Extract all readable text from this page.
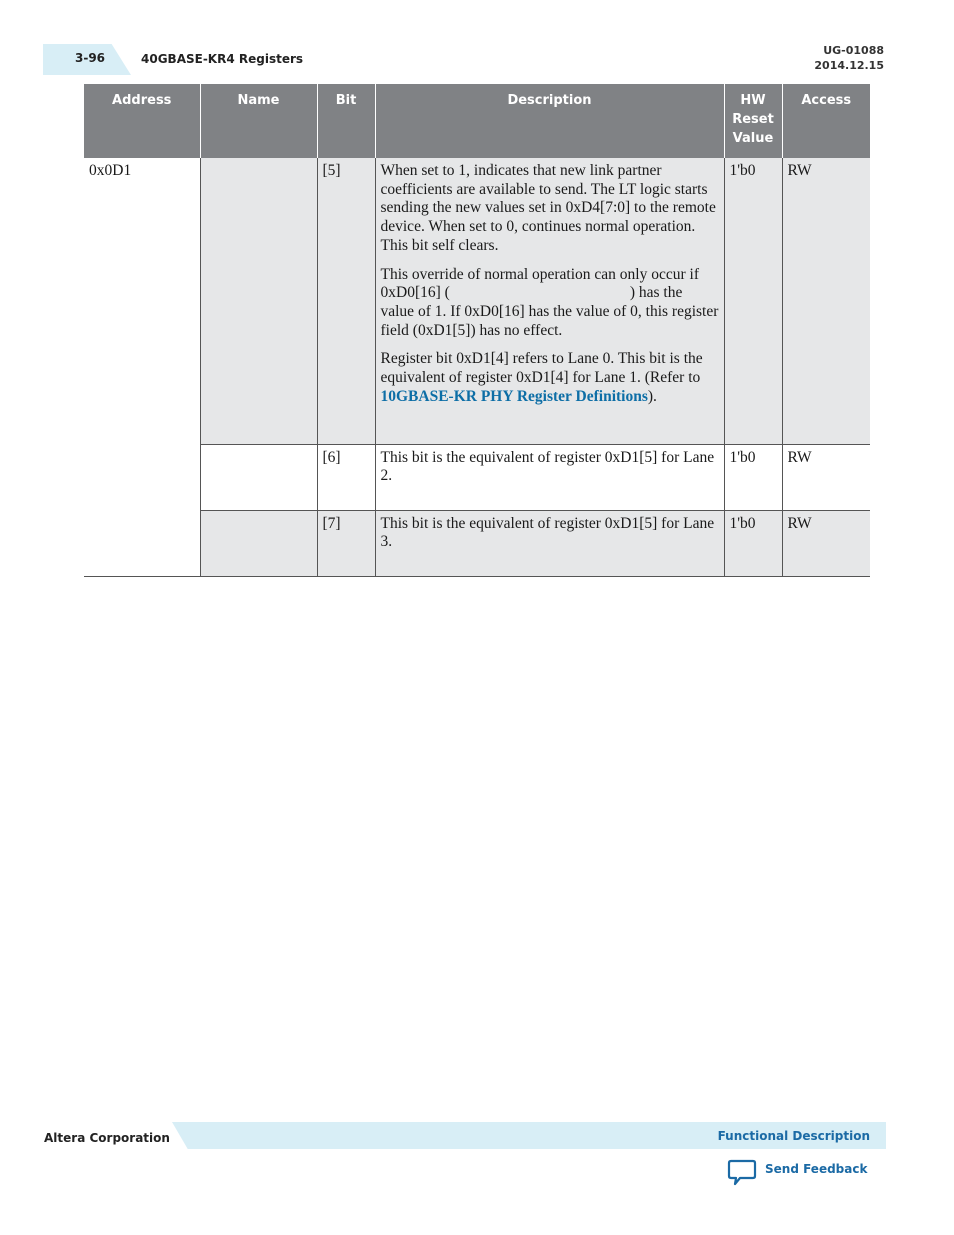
3-96	40GBASE-KR4 Registers
UG-01088
2014.12.15
Address	Name	Bit	Description	HW Reset Value	Access
0x0D1		[5]	When set to 1, indicates that new link partner coefficients are available to send. The LT logic starts sending the new values set in 0xD4[7:0] to the remote device. When set to 0, continues normal operation. This bit self clears.

This override of normal operation can only occur if 0xD0[16] ( ) has the value of 1. If 0xD0[16] has the value of 0, this register field (0xD1[5]) has no effect.

Register bit 0xD1[4] refers to Lane 0. This bit is the equivalent of register 0xD1[4] for Lane 1. (Refer to 10GBASE-KR PHY Register Definitions).	1'b0	RW
		[6]	This bit is the equivalent of register 0xD1[5] for Lane 2.	1'b0	RW
		[7]	This bit is the equivalent of register 0xD1[5] for Lane 3.	1'b0	RW
Altera Corporation	Functional Description
Send Feedback
